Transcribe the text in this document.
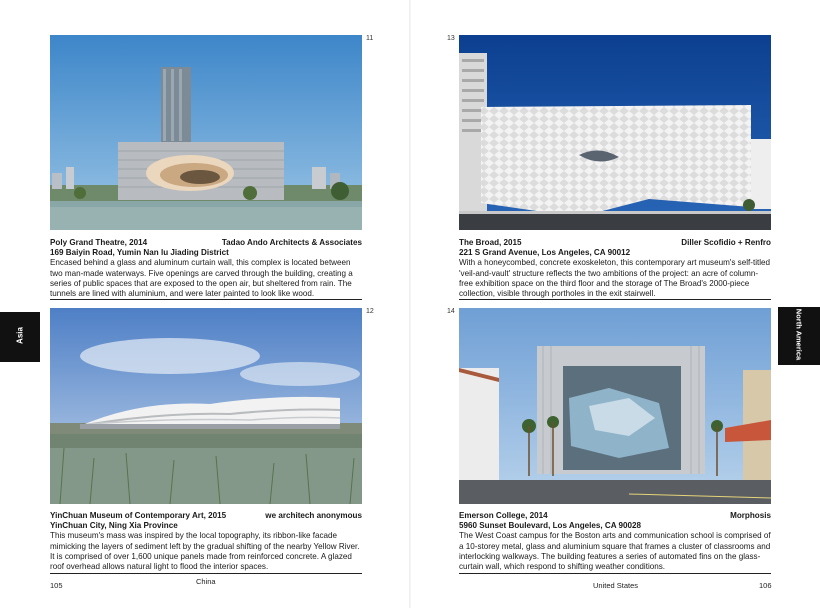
11
Poly Grand Theatre, 2014	Tadao Ando Architects & Associates
169 Baiyin Road, Yumin Nan lu Jiading District

Encased behind a glass and aluminum curtain wall, this complex is located between two man-made waterways. Five openings are carved through the building, creating a series of public spaces that are exposed to the open air, but sheltered from rain. The tunnels are lined with aluminium, and were later painted to look like wood.

12
YinChuan Museum of Contemporary Art, 2015	we architech anonymous
YinChuan City, Ning Xia Province

This museum's mass was inspired by the local topography, its ribbon-like facade mimicking the layers of sediment left by the gradual shifting of the nearby Yellow River. It is comprised of over 1,600 unique panels made from reinforced concrete. A glazed roof overhead allows natural light to flood the interior spaces.

13
The Broad, 2015	Diller Scofidio + Renfro
221 S Grand Avenue, Los Angeles, CA 90012

With a honeycombed, concrete exoskeleton, this contemporary art museum's self-titled 'veil-and-vault' structure reflects the two ambitions of the project: an acre of column-free exhibition space on the third floor and the storage of The Broad's 2000-piece collection, visible through portholes in the exit stairwell.

14
Emerson College, 2014	Morphosis
5960 Sunset Boulevard, Los Angeles, CA 90028

The West Coast campus for the Boston arts and communication school is comprised of a 10-storey metal, glass and aluminium square that frames a cluster of classrooms and interlocking walkways. The building features a series of automated fins on the glass-curtain wall, which respond to shifting weather conditions.

Asia	North America
105	China	United States	106
